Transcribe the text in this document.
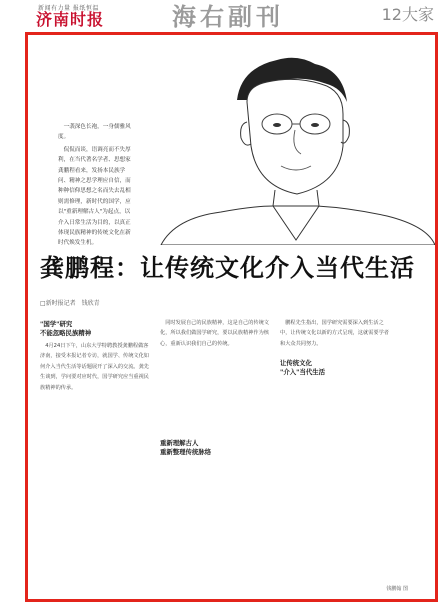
新闻有力量 报纸恒温
济南时报	海右副刊	12大家

一袭深色长袍，一身儒雅风度。

侃侃而谈，语调亮而不失厚利，在当代著名学者、思想家龚鹏程看来，发扬本民族学问、精神之思学理应自信，而种种信仰思想之名而失去乱相则需修理，新时代的国学，应以"重新理解古人"为起点，以介入日常生活为目的，以真正体现民族精神的传统文化在新时代焕发生机。

龚鹏程：让传统文化介入当代生活
□新时报记者　钱欣青
"国学"研究
不能忽略民族精神

4月24日下午，山东大学特聘教授龚鹏程做客济南，接受本报记者专访，就国学、传统文化如何介入当代生活等话题展开了深入的交流。龚先生谈到，学问要对应时代，国学研究应当重视民族精神的传承。

同时发展自己的民族精神，这是自己的传统文化，所以我们做国学研究，要以民族精神作为核心，重新认识我们自己的传统。

重新理解古人
重新整理传统脉络

鹏程先生指出，国学研究需要深入到生活之中，让传统文化以新的方式呈现，这就需要学者和大众共同努力。

让传统文化
"介入"当代生活
钱鹏翰 图
